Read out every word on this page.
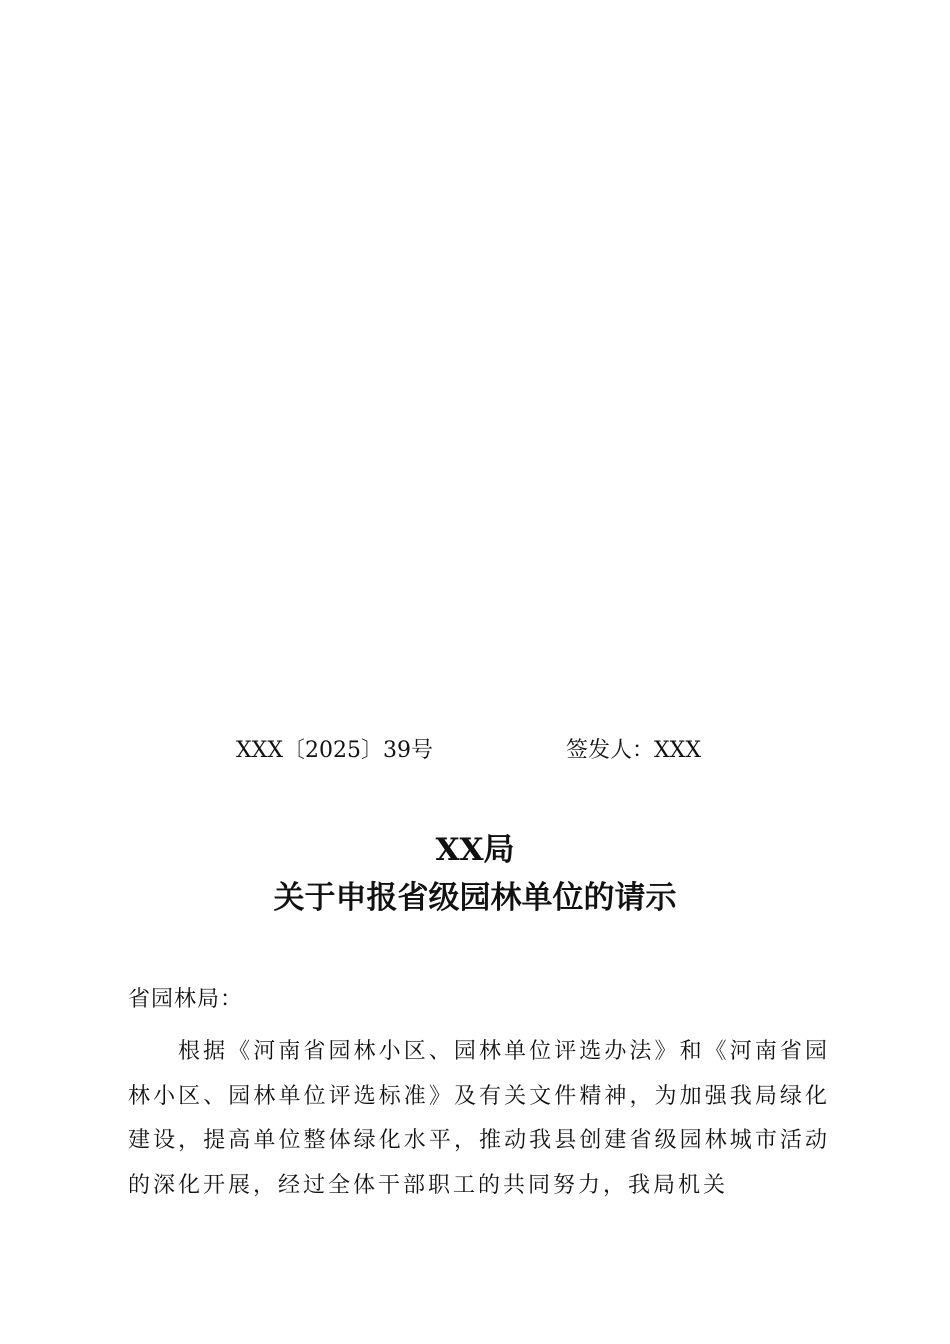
XXX〔2025〕39号	签发人：XXX
XX局
关于申报省级园林单位的请示
省园林局：
根据《河南省园林小区、园林单位评选办法》和《河南省园林小区、园林单位评选标准》及有关文件精神，为加强我局绿化建设，提高单位整体绿化水平，推动我县创建省级园林城市活动的深化开展，经过全体干部职工的共同努力，我局机关
